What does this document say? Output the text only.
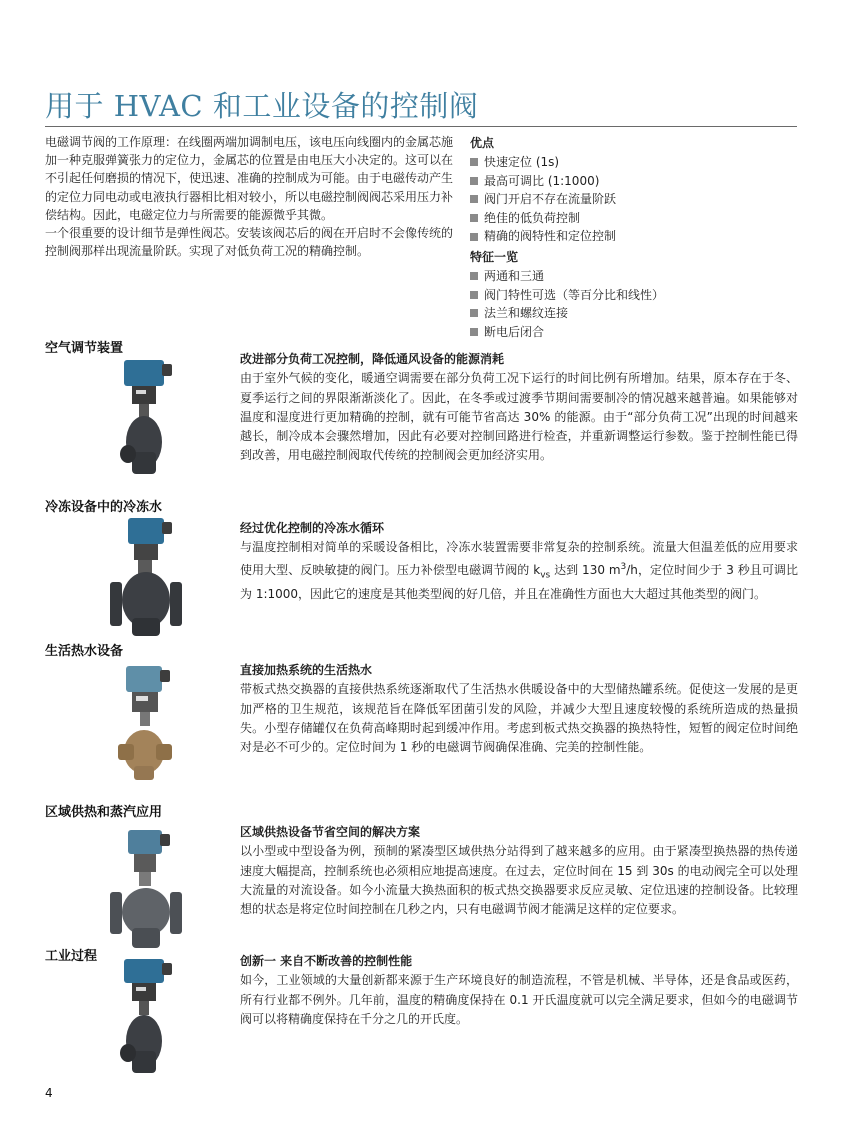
用于 HVAC 和工业设备的控制阀

电磁调节阀的工作原理：在线圈两端加调制电压，该电压向线圈内的金属芯施加一种克服弹簧张力的定位力，金属芯的位置是由电压大小决定的。这可以在不引起任何磨损的情况下，使迅速、准确的控制成为可能。由于电磁传动产生的定位力同电动或电液执行器相比相对较小，所以电磁控制阀阀芯采用压力补偿结构。因此，电磁定位力与所需要的能源微乎其微。

一个很重要的设计细节是弹性阀芯。安装该阀芯后的阀在开启时不会像传统的控制阀那样出现流量阶跃。实现了对低负荷工况的精确控制。

优点
快速定位 (1s)
最高可调比 (1:1000)
阀门开启不存在流量阶跃
绝佳的低负荷控制
精确的阀特性和定位控制
特征一览
两通和三通
阀门特性可选（等百分比和线性）
法兰和螺纹连接
断电后闭合
空气调节装置

改进部分负荷工况控制，降低通风设备的能源消耗

由于室外气候的变化，暖通空调需要在部分负荷工况下运行的时间比例有所增加。结果，原本存在于冬、夏季运行之间的界限渐渐淡化了。因此，在冬季或过渡季节期间需要制冷的情况越来越普遍。如果能够对温度和湿度进行更加精确的控制，就有可能节省高达 30% 的能源。由于“部分负荷工况”出现的时间越来越长，制冷成本会骤然增加，因此有必要对控制回路进行检查，并重新调整运行参数。鉴于控制性能已得到改善，用电磁控制阀取代传统的控制阀会更加经济实用。

冷冻设备中的冷冻水

经过优化控制的冷冻水循环

与温度控制相对简单的采暖设备相比，冷冻水装置需要非常复杂的控制系统。流量大但温差低的应用要求使用大型、反映敏捷的阀门。压力补偿型电磁调节阀的 $k_{vs}$ 达到 130 $m^3/h$，定位时间少于 3 秒且可调比为 1:1000，因此它的速度是其他类型阀的好几倍，并且在准确性方面也大大超过其他类型的阀门。

生活热水设备

直接加热系统的生活热水

带板式热交换器的直接供热系统逐渐取代了生活热水供暖设备中的大型储热罐系统。促使这一发展的是更加严格的卫生规范，该规范旨在降低军团菌引发的风险，并减少大型且速度较慢的系统所造成的热量损失。小型存储罐仅在负荷高峰期时起到缓冲作用。考虑到板式热交换器的换热特性，短暂的阀定位时间绝对是必不可少的。定位时间为 1 秒的电磁调节阀确保准确、完美的控制性能。

区域供热和蒸汽应用

区域供热设备节省空间的解决方案

以小型或中型设备为例，预制的紧凑型区域供热分站得到了越来越多的应用。由于紧凑型换热器的热传递速度大幅提高，控制系统也必须相应地提高速度。在过去，定位时间在 15 到 30s 的电动阀完全可以处理大流量的对流设备。如今小流量大换热面积的板式热交换器要求反应灵敏、定位迅速的控制设备。比较理想的状态是将定位时间控制在几秒之内，只有电磁调节阀才能满足这样的定位要求。

工业过程	创新一 来自不断改善的控制性能

如今，工业领域的大量创新都来源于生产环境良好的制造流程，不管是机械、半导体，还是食品或医药，所有行业都不例外。几年前，温度的精确度保持在 0.1 开氏温度就可以完全满足要求，但如今的电磁调节阀可以将精确度保持在千分之几的开氏度。

4
